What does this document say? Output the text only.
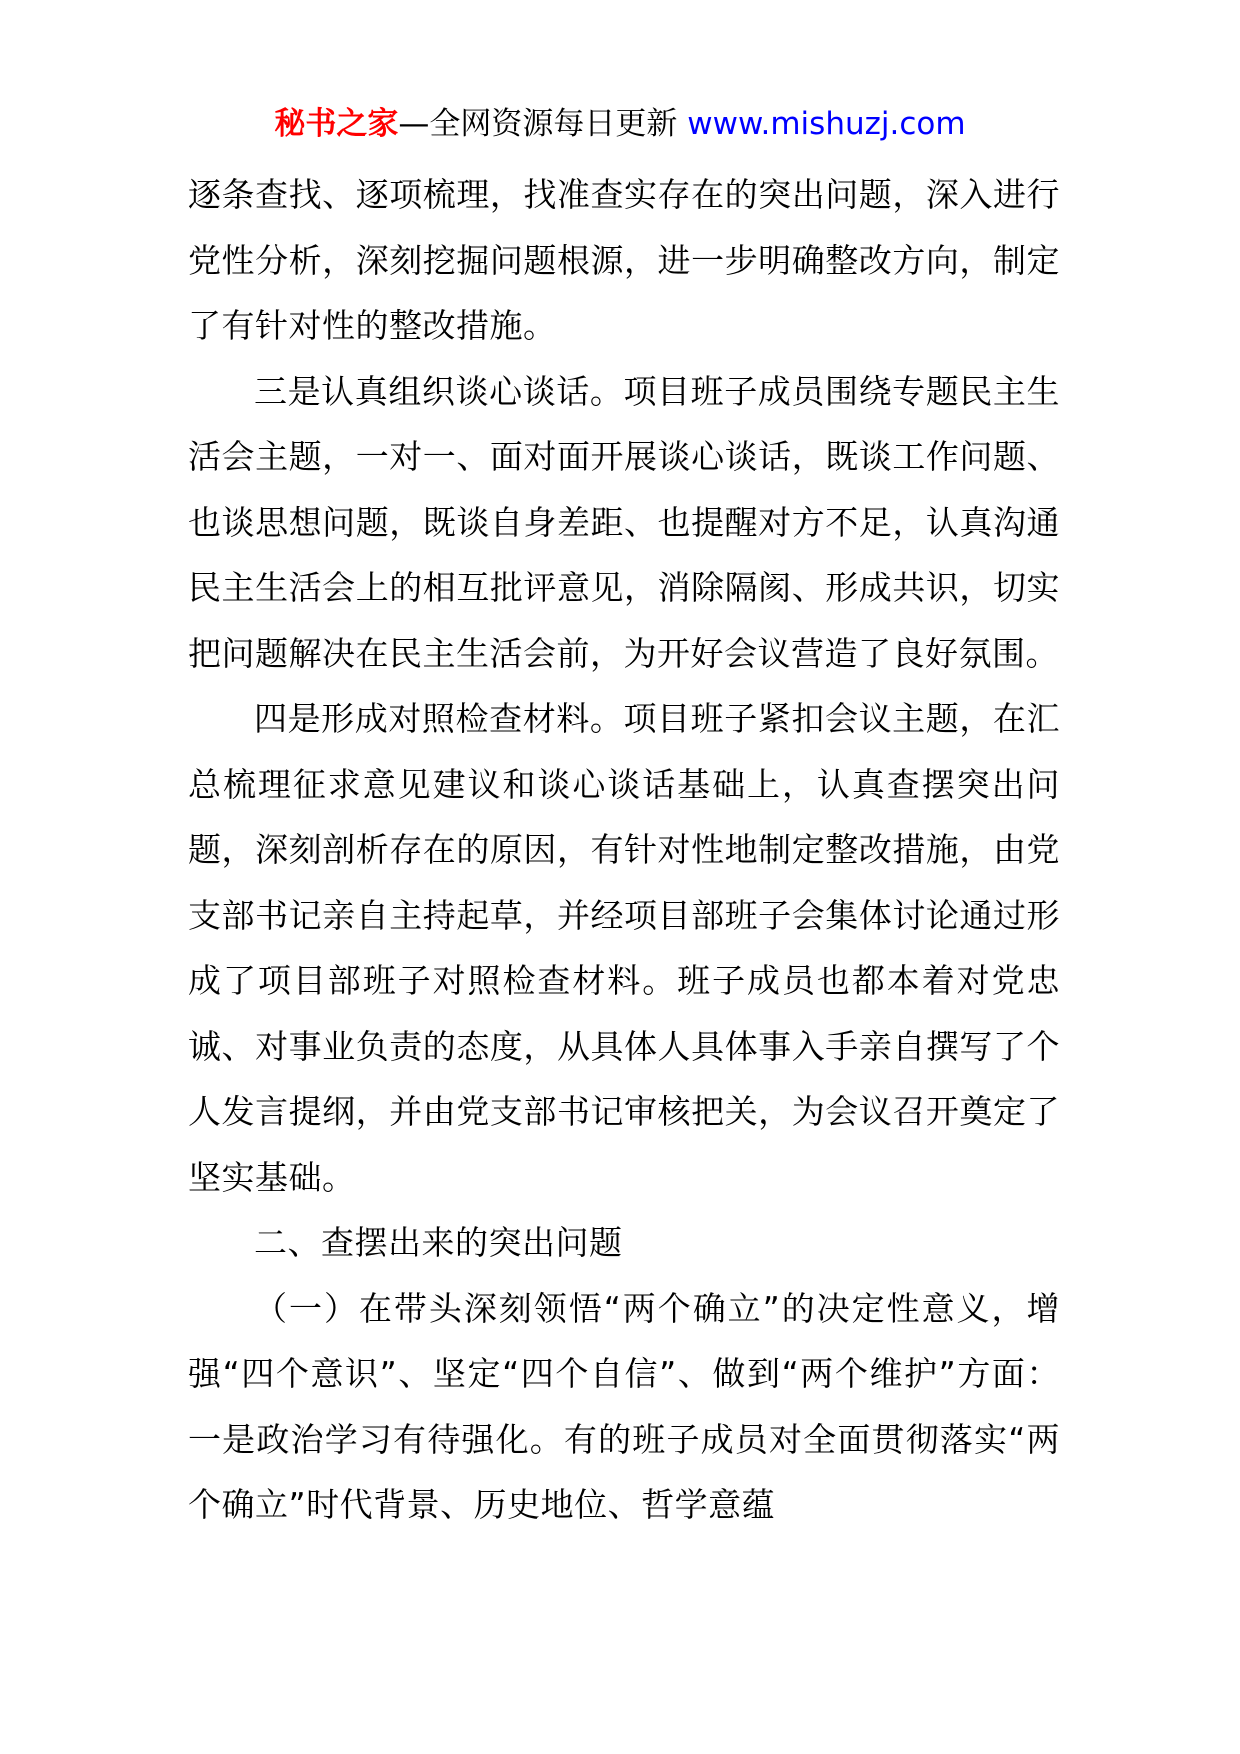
秘书之家—全网资源每日更新 www.mishuzj.com

逐条查找、逐项梳理，找准查实存在的突出问题，深入进行党性分析，深刻挖掘问题根源，进一步明确整改方向，制定了有针对性的整改措施。

三是认真组织谈心谈话。项目班子成员围绕专题民主生活会主题，一对一、面对面开展谈心谈话，既谈工作问题、也谈思想问题，既谈自身差距、也提醒对方不足，认真沟通民主生活会上的相互批评意见，消除隔阂、形成共识，切实把问题解决在民主生活会前，为开好会议营造了良好氛围。

四是形成对照检查材料。项目班子紧扣会议主题，在汇总梳理征求意见建议和谈心谈话基础上，认真查摆突出问题，深刻剖析存在的原因，有针对性地制定整改措施，由党支部书记亲自主持起草，并经项目部班子会集体讨论通过形成了项目部班子对照检查材料。班子成员也都本着对党忠诚、对事业负责的态度，从具体人具体事入手亲自撰写了个人发言提纲，并由党支部书记审核把关，为会议召开奠定了坚实基础。

二、查摆出来的突出问题

（一）在带头深刻领悟“两个确立”的决定性意义，增强“四个意识”、坚定“四个自信”、做到“两个维护”方面：一是政治学习有待强化。有的班子成员对全面贯彻落实“两个确立”时代背景、历史地位、哲学意蕴
